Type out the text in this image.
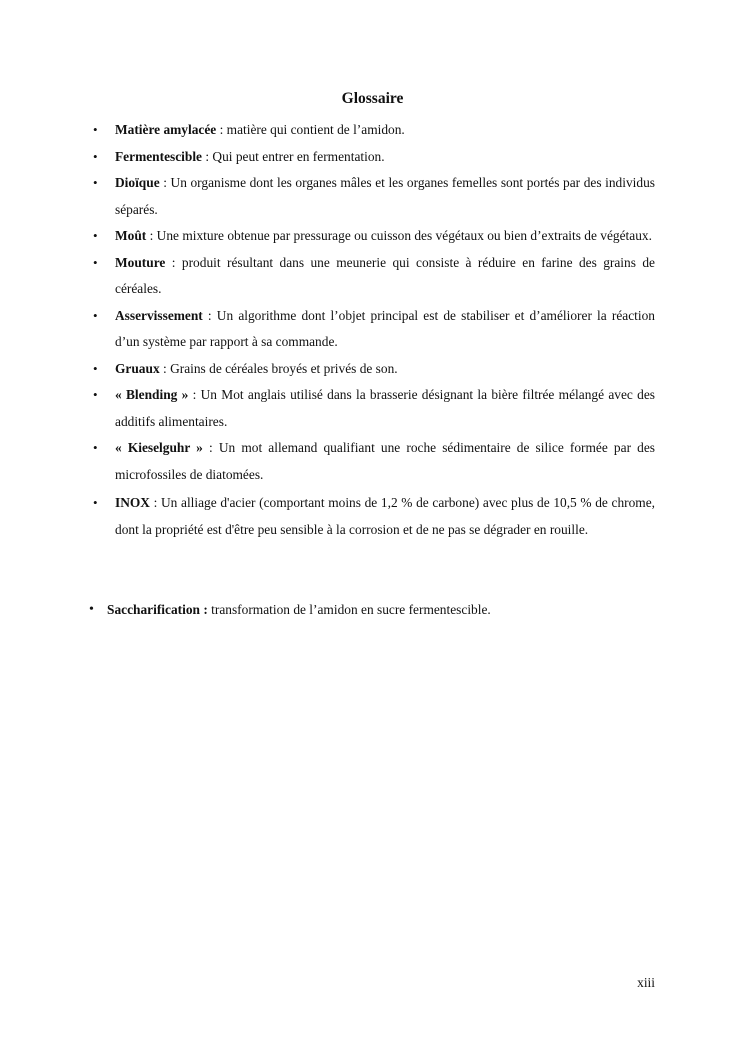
Glossaire
• Matière amylacée : matière qui contient de l’amidon.
• Fermentescible : Qui peut entrer en fermentation.
• Dioïque : Un organisme dont les organes mâles et les organes femelles sont portés par des individus séparés.
• Moût : Une mixture obtenue par pressurage ou cuisson des végétaux ou bien d’extraits de végétaux.
• Mouture : produit résultant dans une meunerie qui consiste à réduire en farine des grains de céréales.
• Asservissement : Un algorithme dont l’objet principal est de stabiliser et d’améliorer la réaction d’un système par rapport à sa commande.
• Gruaux : Grains de céréales broyés et privés de son.
• « Blending » : Un Mot anglais utilisé dans la brasserie désignant la bière filtrée mélangé avec des additifs alimentaires.
• « Kieselguhr » : Un mot allemand qualifiant une roche sédimentaire de silice formée par des microfossiles de diatomées.
• INOX : Un alliage d'acier (comportant moins de 1,2 % de carbone) avec plus de 10,5 % de chrome, dont la propriété est d'être peu sensible à la corrosion et de ne pas se dégrader en rouille.
• Saccharification : transformation de l’amidon en sucre fermentescible.
xiii
